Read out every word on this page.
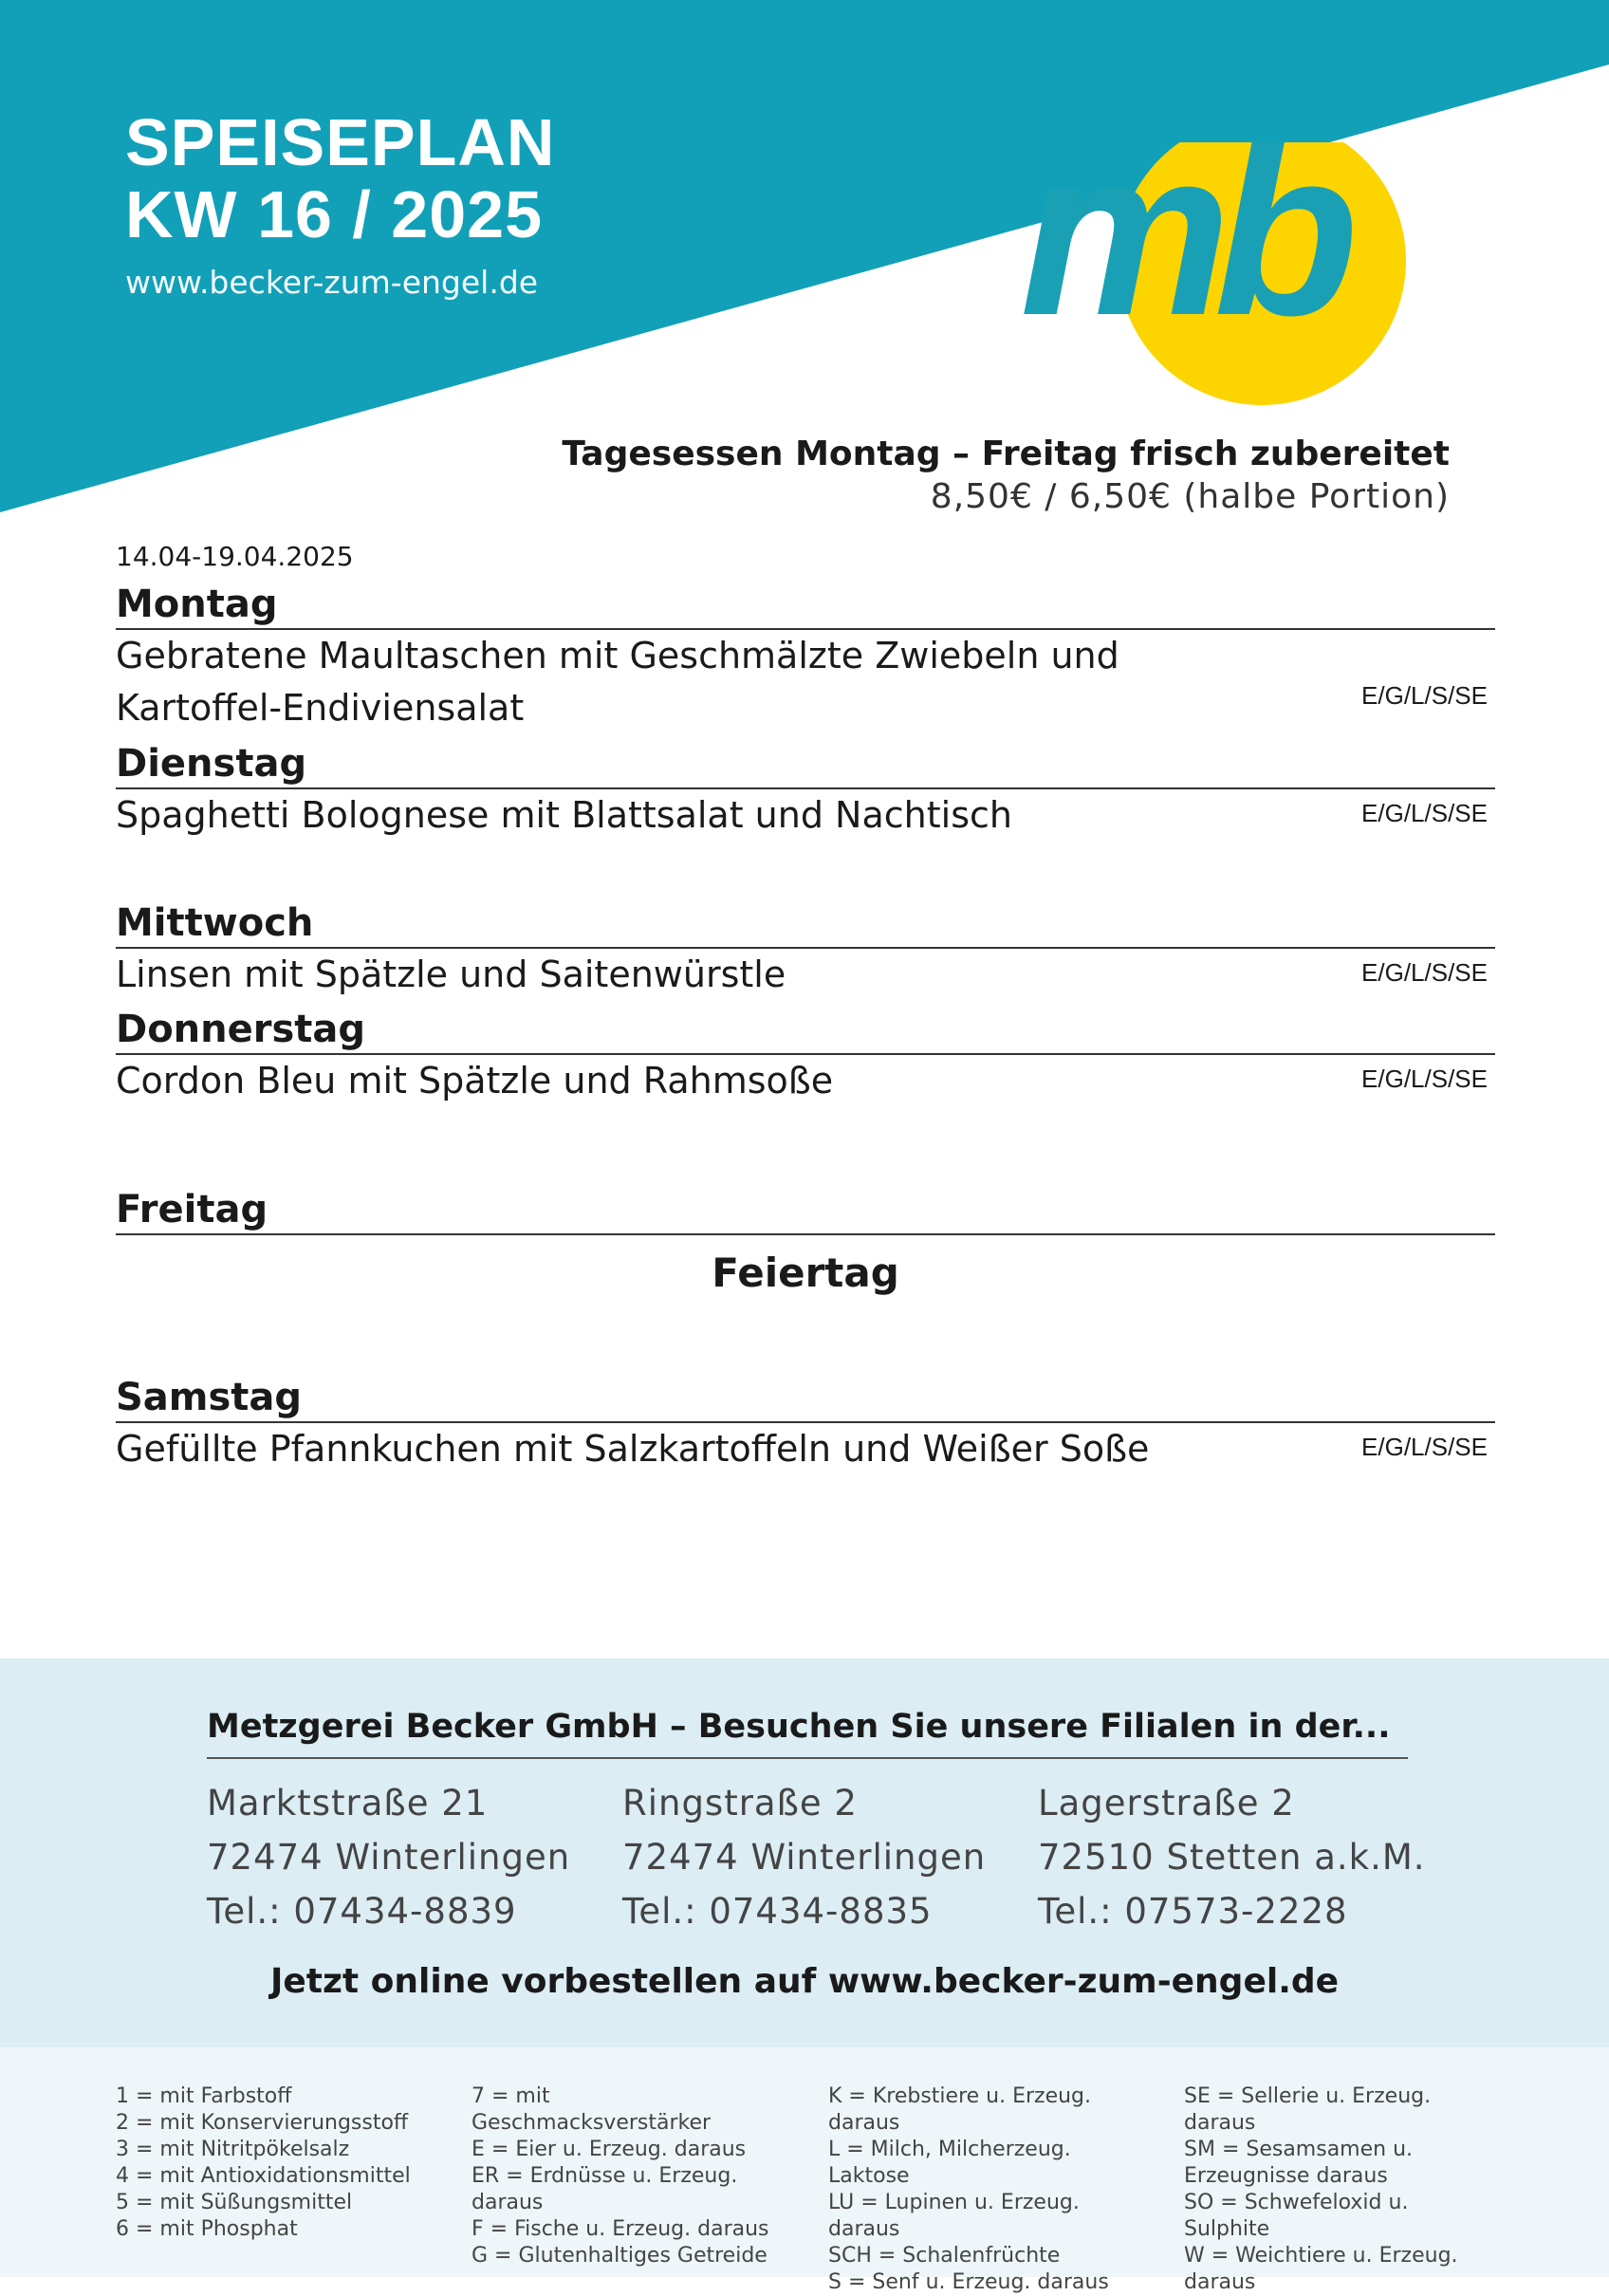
SPEISEPLAN
KW 16 / 2025
www.becker-zum-engel.de mb
Tagesessen Montag – Freitag frisch zubereitet
8,50€ / 6,50€ (halbe Portion)
14.04-19.04.2025
Montag
Gebratene Maultaschen mit Geschmälzte Zwiebeln und Kartoffel-Endiviensalat	E/G/L/S/SE
Dienstag
Spaghetti Bolognese mit Blattsalat und Nachtisch	E/G/L/S/SE
Mittwoch
Linsen mit Spätzle und Saitenwürstle	E/G/L/S/SE
Donnerstag
Cordon Bleu mit Spätzle und Rahmsoße	E/G/L/S/SE
Freitag
Feiertag
Samstag
Gefüllte Pfannkuchen mit Salzkartoffeln und Weißer Soße	E/G/L/S/SE
Metzgerei Becker GmbH – Besuchen Sie unsere Filialen in der...
Marktstraße 21
72474 Winterlingen
Tel.: 07434-8839
Ringstraße 2
72474 Winterlingen
Tel.: 07434-8835
Lagerstraße 2
72510 Stetten a.k.M.
Tel.: 07573-2228
Jetzt online vorbestellen auf www.becker-zum-engel.de
1 = mit Farbstoff
2 = mit Konservierungsstoff
3 = mit Nitritpökelsalz
4 = mit Antioxidationsmittel
5 = mit Süßungsmittel
6 = mit Phosphat
7 = mit Geschmacksverstärker
E = Eier u. Erzeug. daraus
ER = Erdnüsse u. Erzeug. daraus
F = Fische u. Erzeug. daraus
G = Glutenhaltiges Getreide
K = Krebstiere u. Erzeug. daraus
L = Milch, Milcherzeug. Laktose
LU = Lupinen u. Erzeug. daraus
SCH = Schalenfrüchte
S = Senf u. Erzeug. daraus
SE = Sellerie u. Erzeug. daraus
SM = Sesamsamen u. Erzeugnisse daraus
SO = Schwefeloxid u. Sulphite
W = Weichtiere u. Erzeug. daraus
